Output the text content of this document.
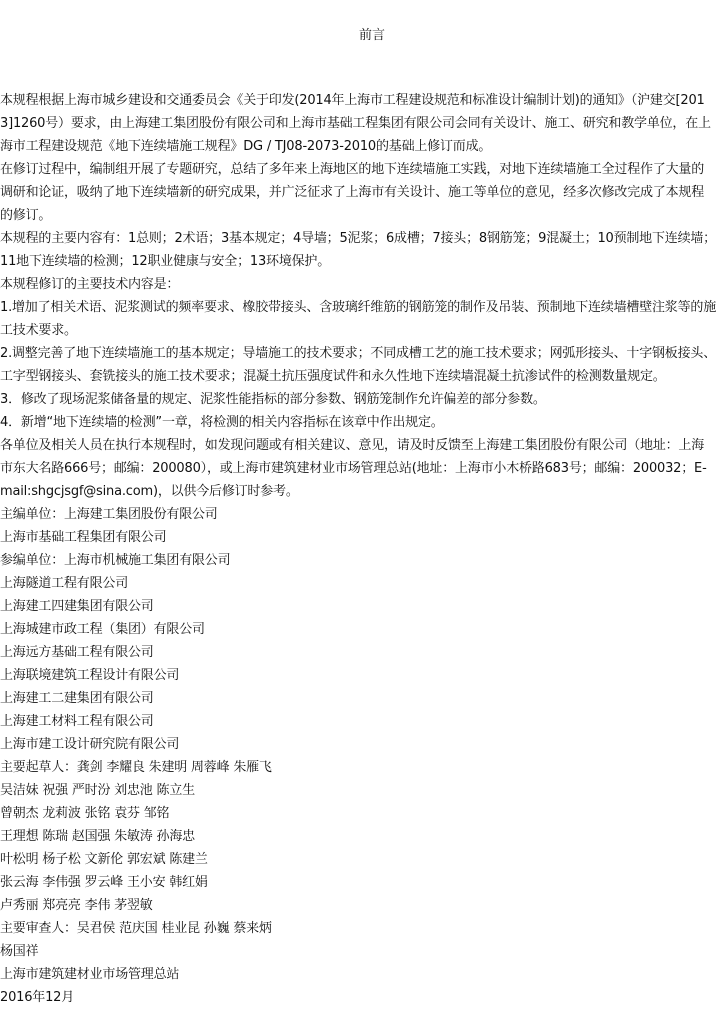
前言

本规程根据上海市城乡建设和交通委员会《关于印发(2014年上海市工程建设规范和标准设计编制计划)的通知》（沪建交[2013]1260号）要求，由上海建工集团股份有限公司和上海市基础工程集团有限公司会同有关设计、施工、研究和教学单位，在上海市工程建设规范《地下连续墙施工规程》DG / TJ08-2073-2010的基础上修订而成。

在修订过程中，编制组开展了专题研究，总结了多年来上海地区的地下连续墙施工实践，对地下连续墙施工全过程作了大量的调研和论证，吸纳了地下连续墙新的研究成果，并广泛征求了上海市有关设计、施工等单位的意见，经多次修改完成了本规程的修订。

本规程的主要内容有：1总则；2术语；3基本规定；4导墙；5泥浆；6成槽；7接头；8钢筋笼；9混凝土；10预制地下连续墙；11地下连续墙的检测；12职业健康与安全；13环境保护。

本规程修订的主要技术内容是：

1.增加了相关术语、泥浆测试的频率要求、橡胶带接头、含玻璃纤维筋的钢筋笼的制作及吊装、预制地下连续墙槽壁注浆等的施工技术要求。

2.调整完善了地下连续墙施工的基本规定；导墙施工的技术要求；不同成槽工艺的施工技术要求；网弧形接头、十字钢板接头、工字型钢接头、套铣接头的施工技术要求；混凝土抗压强度试件和永久性地下连续墙混凝土抗渗试件的检测数量规定。

3．修改了现场泥浆储备量的规定、泥浆性能指标的部分参数、钢筋笼制作允许偏差的部分参数。

4．新增“地下连续墙的检测”一章，将检测的相关内容指标在该章中作出规定。

各单位及相关人员在执行本规程时，如发现问题或有相关建议、意见，请及时反馈至上海建工集团股份有限公司（地址：上海市东大名路666号；邮编：200080），或上海市建筑建材业市场管理总站(地址：上海市小木桥路683号；邮编：200032；E-mail:shgcjsgf@sina.com)，以供今后修订时参考。

主编单位：上海建工集团股份有限公司

上海市基础工程集团有限公司

参编单位：上海市机械施工集团有限公司

上海隧道工程有限公司

上海建工四建集团有限公司

上海城建市政工程（集团）有限公司

上海远方基础工程有限公司

上海联境建筑工程设计有限公司

上海建工二建集团有限公司

上海建工材料工程有限公司

上海市建工设计研究院有限公司

主要起草人：龚剑 李耀良 朱建明 周蓉峰 朱雁飞

吴洁妹 祝强 严时汾 刘忠池 陈立生

曾朝杰 龙莉波 张铭 袁芬 邹铭

王理想 陈瑞 赵国强 朱敏涛 孙海忠

叶松明 杨子松 文新伦 郭宏斌 陈建兰

张云海 李伟强 罗云峰 王小安 韩红娟

卢秀丽 郑亮亮 李伟 茅翌敏

主要审查人：吴君侯 范庆国 桂业昆 孙巍 蔡来炳

杨国祥

上海市建筑建材业市场管理总站

2016年12月
